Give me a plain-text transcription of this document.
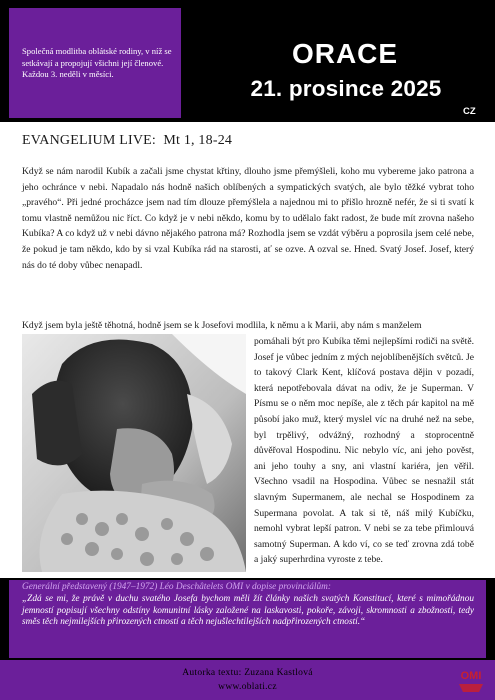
Společná modlitba oblátské rodiny, v níž se setkávají a propojují všichni její členové. Každou 3. neděli v měsíci.
ORACE
21. prosince 2025
CZ
EVANGELIUM LIVE: Mt 1, 18-24
Když se nám narodil Kubík a začali jsme chystat křtiny, dlouho jsme přemýšleli, koho mu vybereme jako patrona a jeho ochránce v nebi. Napadalo nás hodně našich oblíbených a sympatických svatých, ale bylo těžké vybrat toho „pravého“. Při jedné procházce jsem nad tím dlouze přemýšlela a najednou mi to přišlo hrozně nefér, že si ti svatí k tomu vlastně nemůžou nic říct. Co když je v nebi někdo, komu by to udělalo fakt radost, že bude mít zrovna našeho Kubíka? A co když už v nebi dávno nějakého patrona má? Rozhodla jsem se vzdát výběru a poprosila jsem celé nebe, že pokud je tam někdo, kdo by si vzal Kubíka rád na starosti, ať se ozve. A ozval se. Hned. Svatý Josef. Josef, který nás do té doby vůbec nenapadl.
Když jsem byla ještě těhotná, hodně jsem se k Josefovi modlila, k němu a k Marii, aby nám s manželem
pomáhali být pro Kubíka těmi nejlepšími rodiči na světě. Josef je vůbec jedním z mých nejoblíbenějších světců. Je to takový Clark Kent, klíčová postava dějin v pozadí, která nepotřebovala dávat na odiv, že je Superman. V Písmu se o něm moc nepíše, ale z těch pár kapitol na mě působí jako muž, který myslel víc na druhé než na sebe, byl trpělivý, odvážný, rozhodný a stoprocentně důvěřoval Hospodinu. Nic nebylo víc, ani jeho pověst, ani jeho touhy a sny, ani vlastní kariéra, jen věřil. Všechno vsadil na Hospodina. Vůbec se nesnažil stát slavným Supermanem, ale nechal se Hospodinem za Supermana povolat. A tak si tě, náš milý Kubíčku, nemohl vybrat lepší patron. V nebi se za tebe přimlouvá samotný Superman. A kdo ví, co se teď zrovna zdá tobě a jaký superhrdina vyroste z tebe.
Generální představený (1947–1972) Léo Deschâtelets OMI v dopise provinciálům:
„Zdá se mi, že právě v duchu svatého Josefa bychom měli žít články našich svatých Konstitucí, které s mimořádnou jemností popisují všechny odstíny komunitní lásky založené na laskavosti, pokoře, závoji, skromnosti a zbožnosti, tedy směs těch nejmilejších přirozených ctností a těch nejušlechtilejších nadpřirozených ctností.“
Autorka textu: Zuzana Kastlová
www.oblati.cz
OMI
